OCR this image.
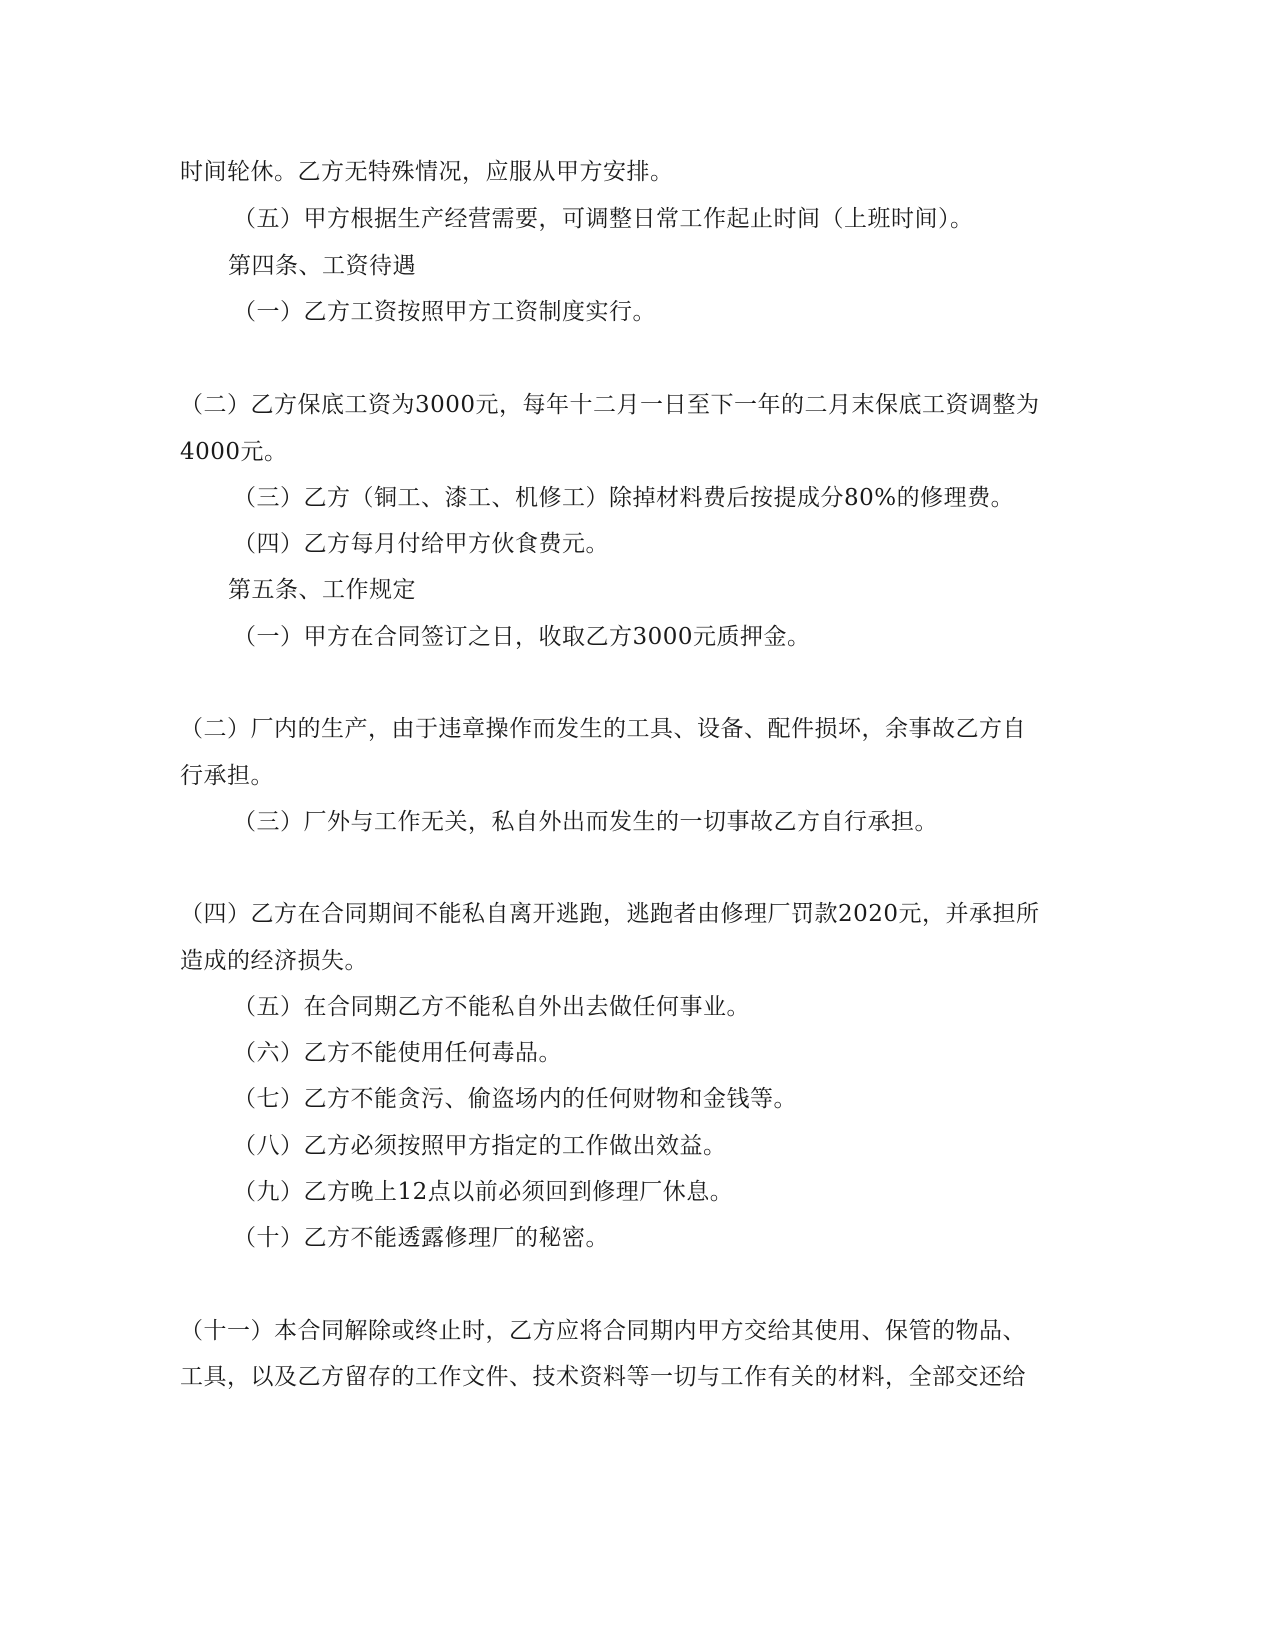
时间轮休。乙方无特殊情况，应服从甲方安排。
（五）甲方根据生产经营需要，可调整日常工作起止时间（上班时间）。
第四条、工资待遇
（一）乙方工资按照甲方工资制度实行。
（二）乙方保底工资为3000元，每年十二月一日至下一年的二月末保底工资调整为
4000元。
（三）乙方（铜工、漆工、机修工）除掉材料费后按提成分80%的修理费。
（四）乙方每月付给甲方伙食费元。
第五条、工作规定
（一）甲方在合同签订之日，收取乙方3000元质押金。
（二）厂内的生产，由于违章操作而发生的工具、设备、配件损坏，余事故乙方自
行承担。
（三）厂外与工作无关，私自外出而发生的一切事故乙方自行承担。
（四）乙方在合同期间不能私自离开逃跑，逃跑者由修理厂罚款2020元，并承担所
造成的经济损失。
（五）在合同期乙方不能私自外出去做任何事业。
（六）乙方不能使用任何毒品。
（七）乙方不能贪污、偷盗场内的任何财物和金钱等。
（八）乙方必须按照甲方指定的工作做出效益。
（九）乙方晚上12点以前必须回到修理厂休息。
（十）乙方不能透露修理厂的秘密。
（十一）本合同解除或终止时，乙方应将合同期内甲方交给其使用、保管的物品、
工具，以及乙方留存的工作文件、技术资料等一切与工作有关的材料，全部交还给
